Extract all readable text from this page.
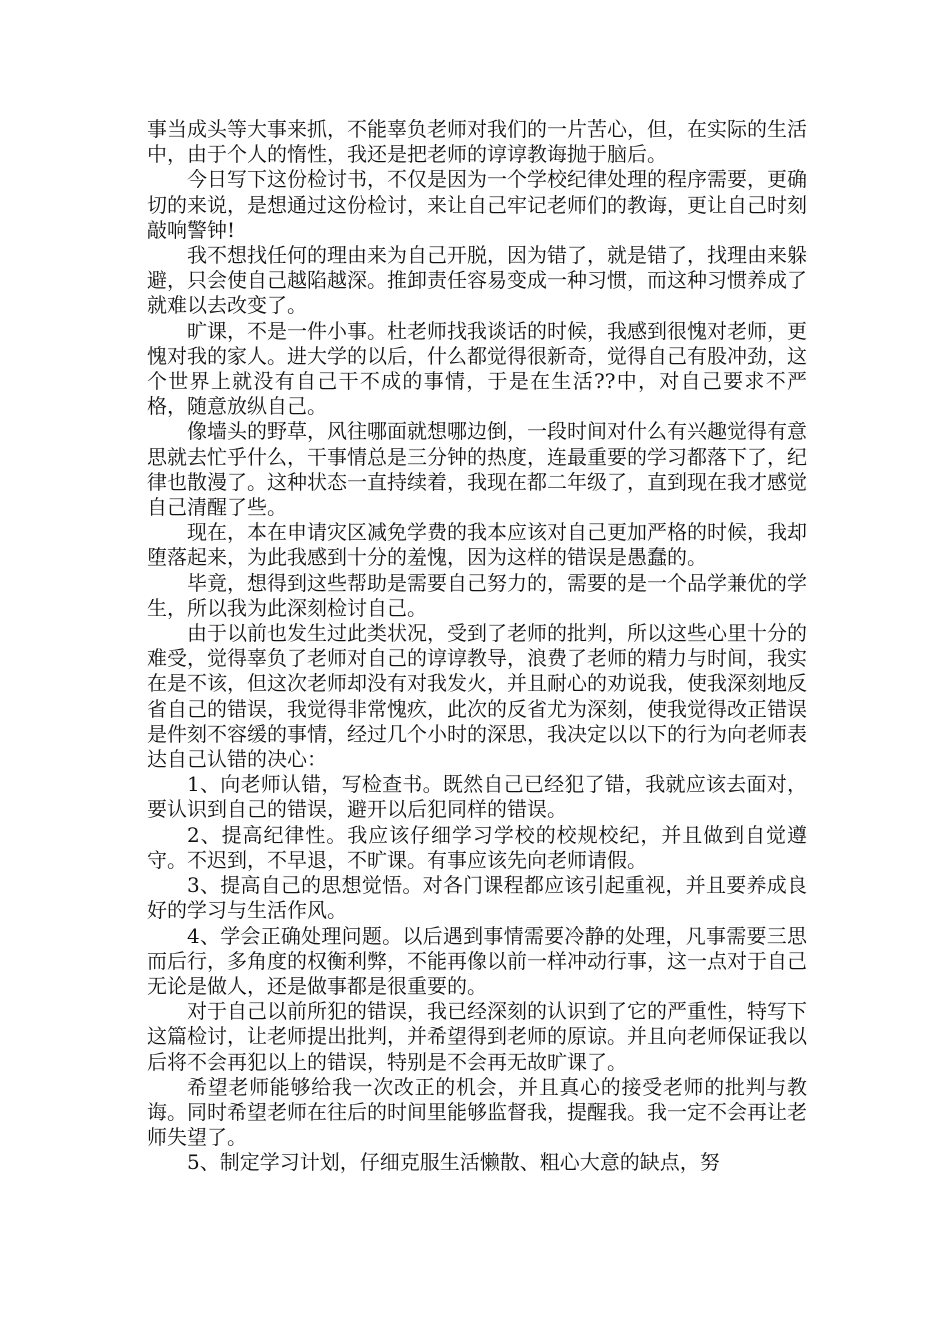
事当成头等大事来抓，不能辜负老师对我们的一片苦心，但，在实际的生活中，由于个人的惰性，我还是把老师的谆谆教诲抛于脑后。

今日写下这份检讨书，不仅是因为一个学校纪律处理的程序需要，更确切的来说，是想通过这份检讨，来让自己牢记老师们的教诲，更让自己时刻敲响警钟!

我不想找任何的理由来为自己开脱，因为错了，就是错了，找理由来躲避，只会使自己越陷越深。推卸责任容易变成一种习惯，而这种习惯养成了就难以去改变了。

旷课，不是一件小事。杜老师找我谈话的时候，我感到很愧对老师，更愧对我的家人。进大学的以后，什么都觉得很新奇，觉得自己有股冲劲，这个世界上就没有自己干不成的事情，于是在生活??中，对自己要求不严格，随意放纵自己。

像墙头的野草，风往哪面就想哪边倒，一段时间对什么有兴趣觉得有意思就去忙乎什么，干事情总是三分钟的热度，连最重要的学习都落下了，纪律也散漫了。这种状态一直持续着，我现在都二年级了，直到现在我才感觉自己清醒了些。

现在，本在申请灾区减免学费的我本应该对自己更加严格的时候，我却堕落起来，为此我感到十分的羞愧，因为这样的错误是愚蠢的。

毕竟，想得到这些帮助是需要自己努力的，需要的是一个品学兼优的学生，所以我为此深刻检讨自己。

由于以前也发生过此类状况，受到了老师的批判，所以这些心里十分的难受，觉得辜负了老师对自己的谆谆教导，浪费了老师的精力与时间，我实在是不该，但这次老师却没有对我发火，并且耐心的劝说我，使我深刻地反省自己的错误，我觉得非常愧疚，此次的反省尤为深刻，使我觉得改正错误是件刻不容缓的事情，经过几个小时的深思，我决定以以下的行为向老师表达自己认错的决心：

1、向老师认错，写检查书。既然自己已经犯了错，我就应该去面对，要认识到自己的错误，避开以后犯同样的错误。

2、提高纪律性。我应该仔细学习学校的校规校纪，并且做到自觉遵守。不迟到，不早退，不旷课。有事应该先向老师请假。

3、提高自己的思想觉悟。对各门课程都应该引起重视，并且要养成良好的学习与生活作风。

4、学会正确处理问题。以后遇到事情需要冷静的处理，凡事需要三思而后行，多角度的权衡利弊，不能再像以前一样冲动行事，这一点对于自己无论是做人，还是做事都是很重要的。

对于自己以前所犯的错误，我已经深刻的认识到了它的严重性，特写下这篇检讨，让老师提出批判，并希望得到老师的原谅。并且向老师保证我以后将不会再犯以上的错误，特别是不会再无故旷课了。

希望老师能够给我一次改正的机会，并且真心的接受老师的批判与教诲。同时希望老师在往后的时间里能够监督我，提醒我。我一定不会再让老师失望了。

5、制定学习计划，仔细克服生活懒散、粗心大意的缺点，努
